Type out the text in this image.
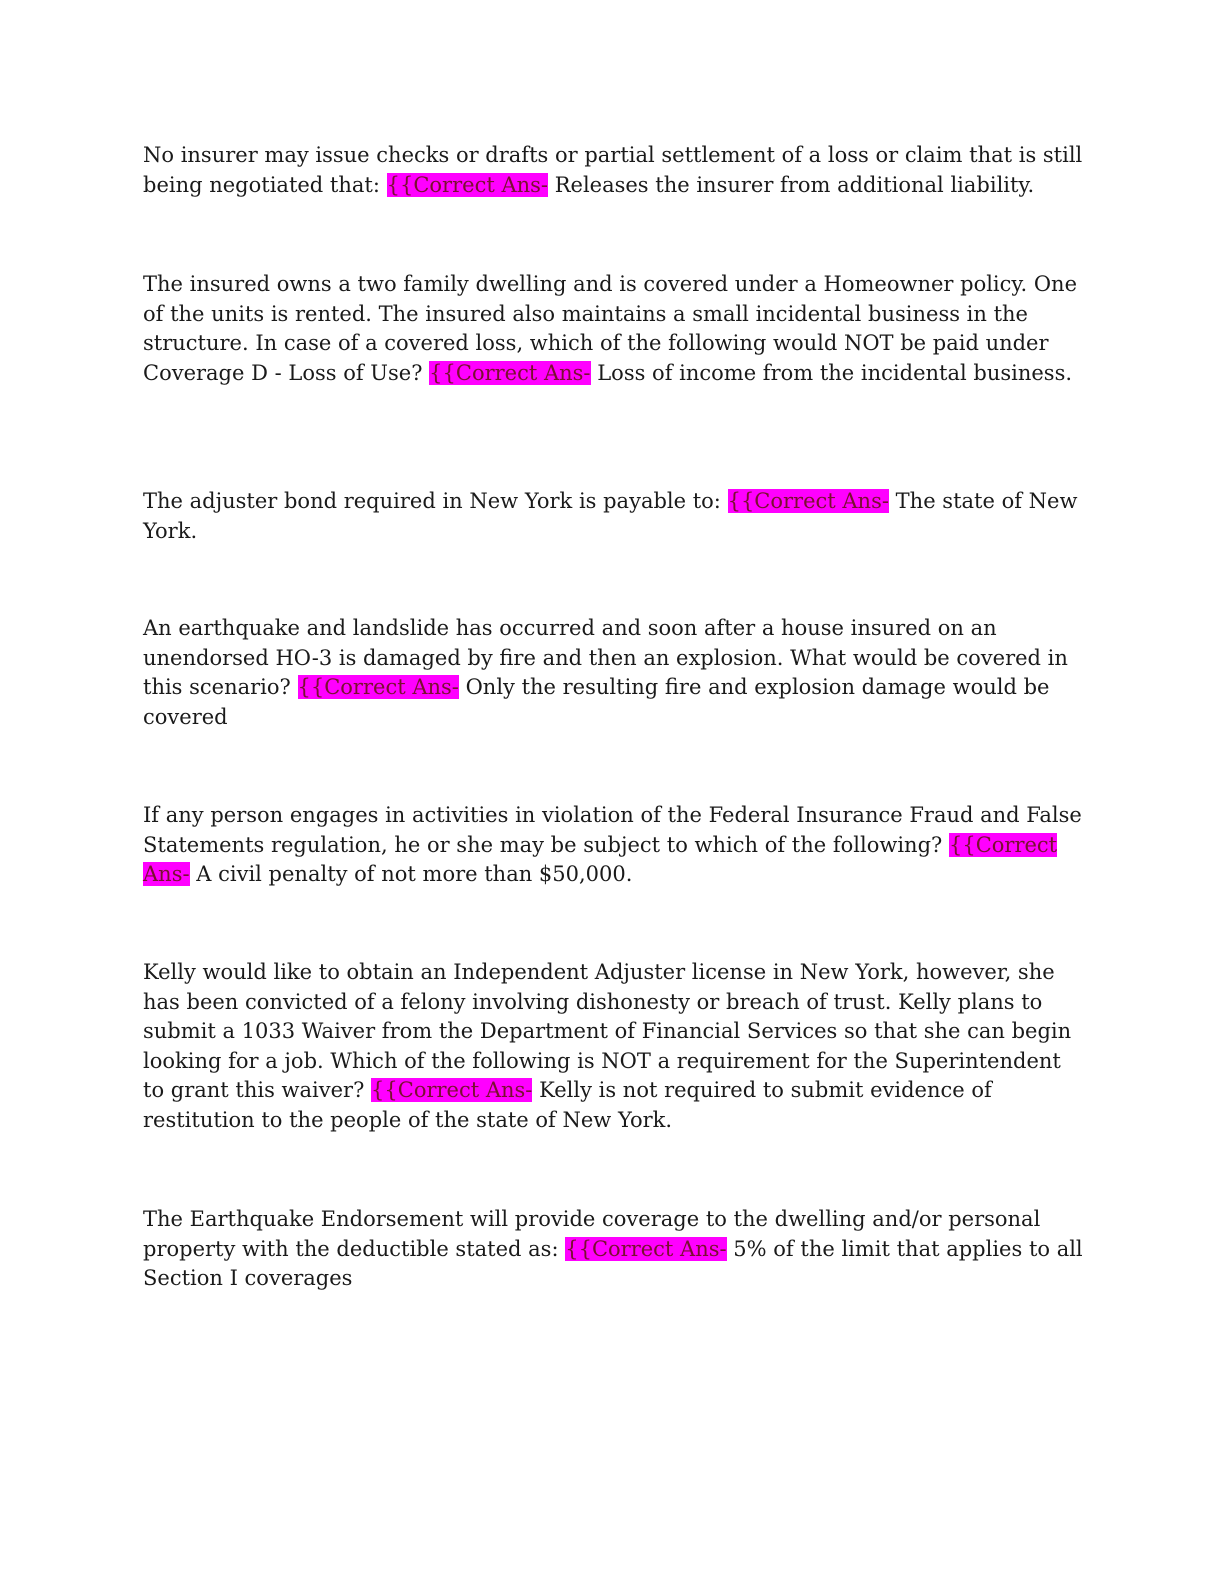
No insurer may issue checks or drafts or partial settlement of a loss or claim that is still being negotiated that: {{Correct Ans- Releases the insurer from additional liability.

The insured owns a two family dwelling and is covered under a Homeowner policy. One of the units is rented. The insured also maintains a small incidental business in the structure. In case of a covered loss, which of the following would NOT be paid under Coverage D - Loss of Use? {{Correct Ans- Loss of income from the incidental business.

The adjuster bond required in New York is payable to: {{Correct Ans- The state of New York.

An earthquake and landslide has occurred and soon after a house insured on an unendorsed HO-3 is damaged by fire and then an explosion. What would be covered in this scenario? {{Correct Ans- Only the resulting fire and explosion damage would be covered

If any person engages in activities in violation of the Federal Insurance Fraud and False Statements regulation, he or she may be subject to which of the following? {{Correct Ans- A civil penalty of not more than $50,000.

Kelly would like to obtain an Independent Adjuster license in New York, however, she has been convicted of a felony involving dishonesty or breach of trust. Kelly plans to submit a 1033 Waiver from the Department of Financial Services so that she can begin looking for a job. Which of the following is NOT a requirement for the Superintendent to grant this waiver? {{Correct Ans- Kelly is not required to submit evidence of restitution to the people of the state of New York.

The Earthquake Endorsement will provide coverage to the dwelling and/or personal property with the deductible stated as: {{Correct Ans- 5% of the limit that applies to all Section I coverages
